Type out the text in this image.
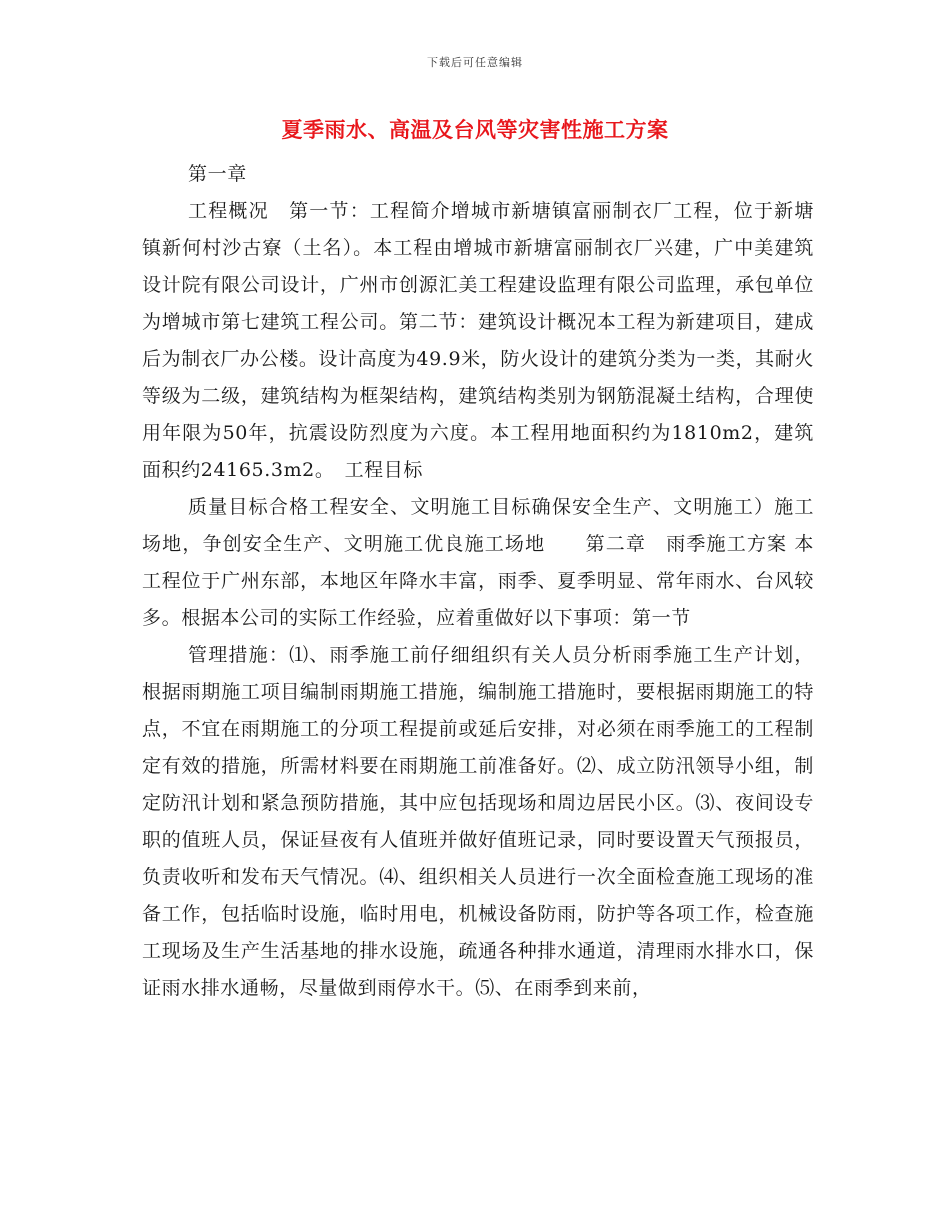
下载后可任意编辑
夏季雨水、高温及台风等灾害性施工方案

第一章

工程概况　第一节：工程简介增城市新塘镇富丽制衣厂工程，位于新塘镇新何村沙古寮（土名）。本工程由增城市新塘富丽制衣厂兴建，广中美建筑设计院有限公司设计，广州市创源汇美工程建设监理有限公司监理，承包单位为增城市第七建筑工程公司。第二节：建筑设计概况本工程为新建项目，建成后为制衣厂办公楼。设计高度为49.9米，防火设计的建筑分类为一类，其耐火等级为二级，建筑结构为框架结构，建筑结构类别为钢筋混凝土结构，合理使用年限为50年，抗震设防烈度为六度。本工程用地面积约为1810m2，建筑面积约24165.3m2。　工程目标

质量目标合格工程安全、文明施工目标确保安全生产、文明施工）施工场地，争创安全生产、文明施工优良施工场地　　第二章　雨季施工方案 本工程位于广州东部，本地区年降水丰富，雨季、夏季明显、常年雨水、台风较多。根据本公司的实际工作经验，应着重做好以下事项：第一节

管理措施：⑴、雨季施工前仔细组织有关人员分析雨季施工生产计划，根据雨期施工项目编制雨期施工措施，编制施工措施时，要根据雨期施工的特点，不宜在雨期施工的分项工程提前或延后安排，对必须在雨季施工的工程制定有效的措施，所需材料要在雨期施工前准备好。⑵、成立防汛领导小组，制定防汛计划和紧急预防措施，其中应包括现场和周边居民小区。⑶、夜间设专职的值班人员，保证昼夜有人值班并做好值班记录，同时要设置天气预报员，负责收听和发布天气情况。⑷、组织相关人员进行一次全面检查施工现场的准备工作，包括临时设施，临时用电，机械设备防雨，防护等各项工作，检查施工现场及生产生活基地的排水设施，疏通各种排水通道，清理雨水排水口，保证雨水排水通畅，尽量做到雨停水干。⑸、在雨季到来前，
